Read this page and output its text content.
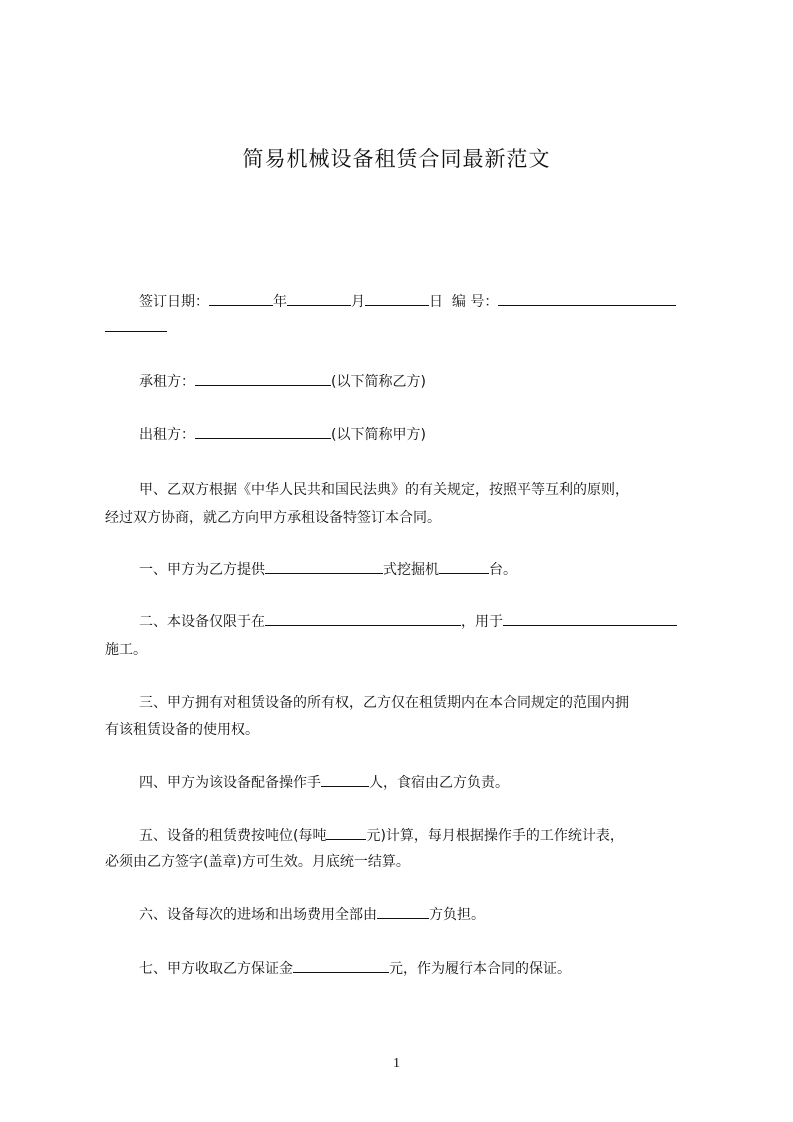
简易机械设备租赁合同最新范文
签订日期：	年	月	日 编 号：
承租方：	(以下简称乙方)
出租方：	(以下简称甲方)
甲、乙双方根据《中华人民共和国民法典》的有关规定，按照平等互利的原则，
经过双方协商，就乙方向甲方承租设备特签订本合同。
一、甲方为乙方提供	式挖掘机	台。
二、本设备仅限于在	，用于
施工。
三、甲方拥有对租赁设备的所有权，乙方仅在租赁期内在本合同规定的范围内拥
有该租赁设备的使用权。
四、甲方为该设备配备操作手	人，食宿由乙方负责。
五、设备的租赁费按吨位(每吨	元)计算，每月根据操作手的工作统计表，
必须由乙方签字(盖章)方可生效。月底统一结算。
六、设备每次的进场和出场费用全部由	方负担。
七、甲方收取乙方保证金	元，作为履行本合同的保证。
1
